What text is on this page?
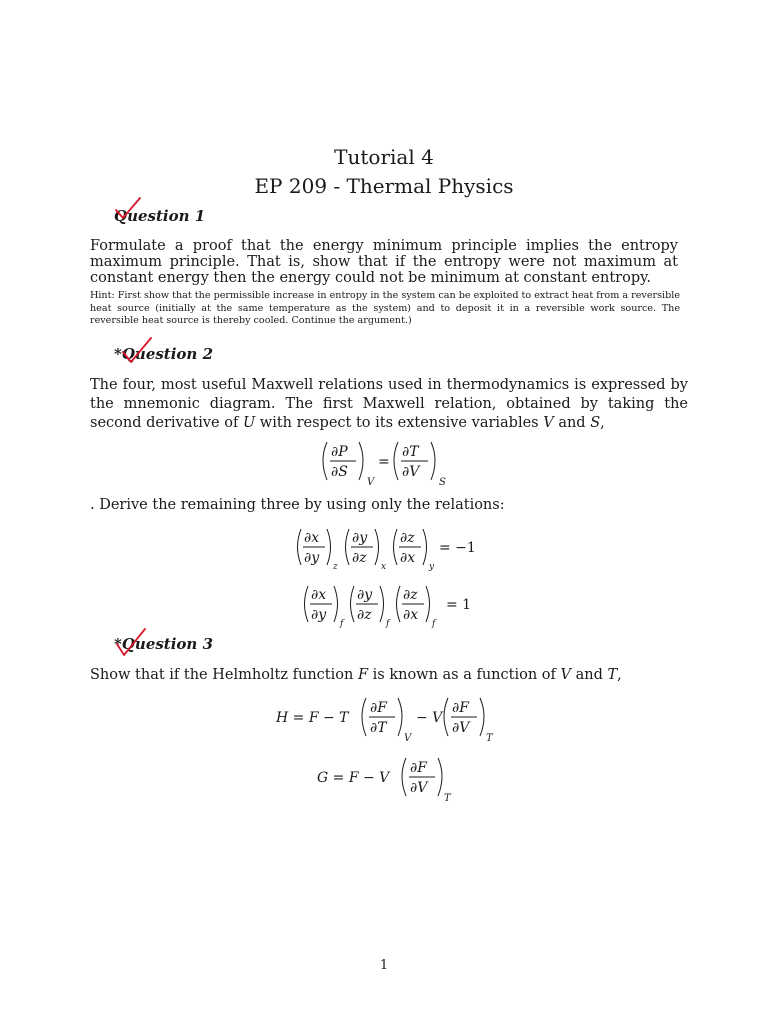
Tutorial 4
EP 209 - Thermal Physics
Question 1
Formulate a proof that the energy minimum principle implies the entropy maximum principle. That is, show that if the entropy were not maximum at constant energy then the energy could not be minimum at constant entropy.
Hint: First show that the permissible increase in entropy in the system can be exploited to extract heat from a reversible heat source (initially at the same temperature as the system) and to deposit it in a reversible work source. The reversible heat source is thereby cooled. Continue the argument.)
*Question 2
The four, most useful Maxwell relations used in thermodynamics is expressed by the mnemonic diagram. The first Maxwell relation, obtained by taking the second derivative of U with respect to its extensive variables V and S,
∂P
∂S
V
=
∂T
∂V
S
. Derive the remaining three by using only the relations:
∂x
∂y
z
∂y
∂z
x
∂z
∂x
y
= −1
∂x
∂y
f
∂y
∂z
f
∂z
∂x
f
= 1
*Question 3
Show that if the Helmholtz function F is known as a function of V and T,
H = F − T
∂F
∂T
V
− V
∂F
∂V
T
G = F − V
∂F
∂V
T
1
